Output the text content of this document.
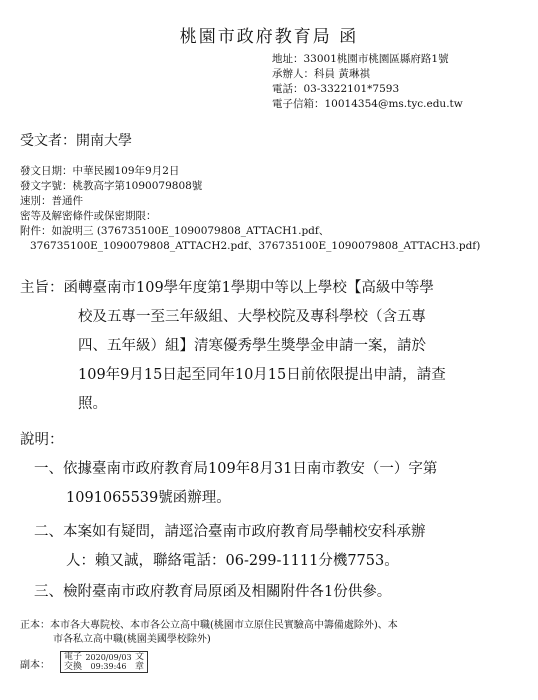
桃園市政府教育局 函
地址：33001桃園市桃園區縣府路1號
承辦人：科員 黃琳祺
電話：03-3322101*7593
電子信箱：10014354@ms.tyc.edu.tw
受文者：開南大學
發文日期：中華民國109年9月2日
發文字號：桃教高字第1090079808號
速別：普通件
密等及解密條件或保密期限：
附件：如說明三 (376735100E_1090079808_ATTACH1.pdf、
376735100E_1090079808_ATTACH2.pdf、376735100E_1090079808_ATTACH3.pdf)
主旨：函轉臺南市109學年度第1學期中等以上學校【高級中等學
校及五專一至三年級組、大學校院及專科學校（含五專
四、五年級）組】清寒優秀學生獎學金申請一案，請於
109年9月15日起至同年10月15日前依限提出申請，請查
照。
說明：
一、依據臺南市政府教育局109年8月31日南市教安（一）字第
1091065539號函辦理。
二、本案如有疑問，請逕洽臺南市政府教育局學輔校安科承辦
人：賴又誠，聯絡電話：06-299-1111分機7753。
三、檢附臺南市政府教育局原函及相關附件各1份供參。
正本：本市各大專院校、本市各公立高中職(桃園市立原住民實驗高中籌備處除外)、本
市各私立高中職(桃園美國學校除外)
副本：
電子
交換
2020/09/03
09:39:46
文
章
